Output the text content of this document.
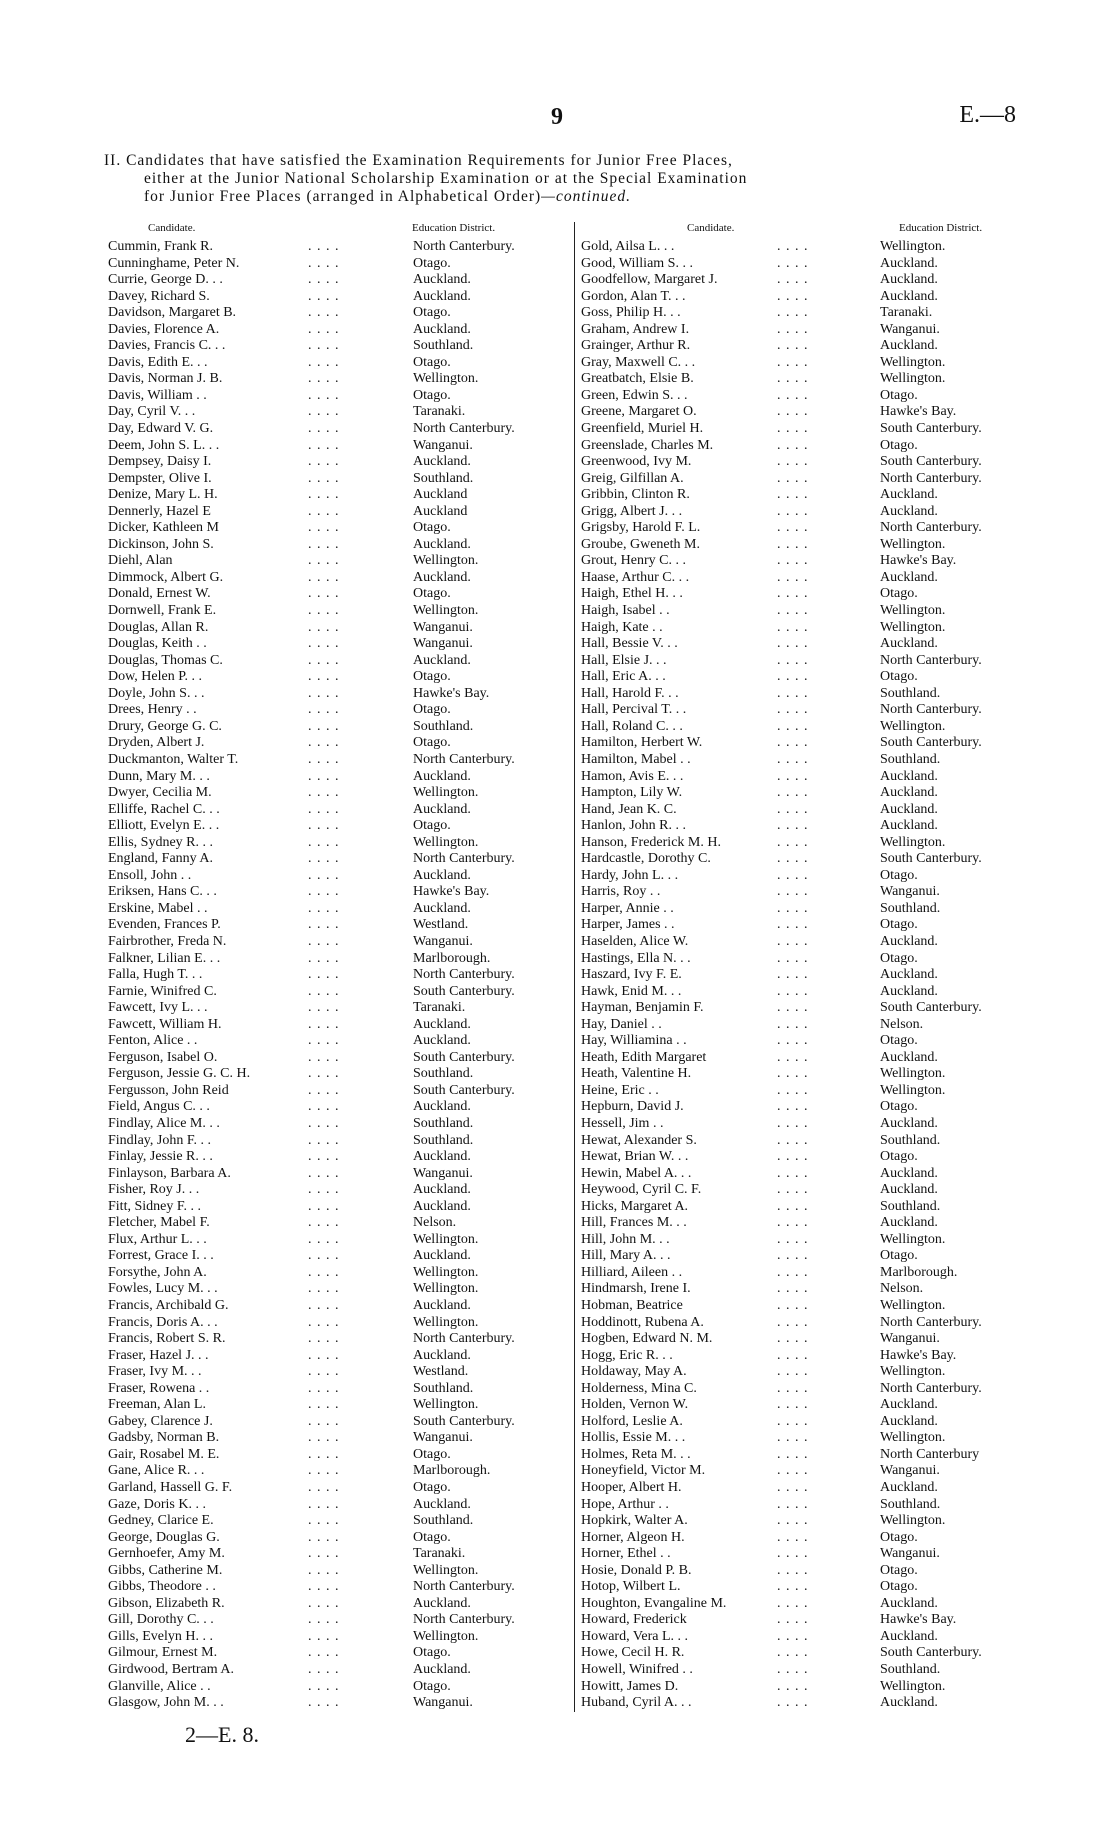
9	E.—8
II. Candidates that have satisfied the Examination Requirements for Junior Free Places,
either at the Junior National Scholarship Examination or at the Special Examination
for Junior Free Places (arranged in Alphabetical Order)—continued.
Candidate.	Education District.
Cummin, Frank R.	. . . .	North Canterbury.
Cunninghame, Peter N.	. . . .	Otago.
Currie, George D. . .	. . . .	Auckland.
Davey, Richard S.	. . . .	Auckland.
Davidson, Margaret B.	. . . .	Otago.
Davies, Florence A.	. . . .	Auckland.
Davies, Francis C. . .	. . . .	Southland.
Davis, Edith E. . .	. . . .	Otago.
Davis, Norman J. B.	. . . .	Wellington.
Davis, William . .	. . . .	Otago.
Day, Cyril V. . .	. . . .	Taranaki.
Day, Edward V. G.	. . . .	North Canterbury.
Deem, John S. L. . .	. . . .	Wanganui.
Dempsey, Daisy I.	. . . .	Auckland.
Dempster, Olive I.	. . . .	Southland.
Denize, Mary L. H.	. . . .	Auckland
Dennerly, Hazel E	. . . .	Auckland
Dicker, Kathleen M	. . . .	Otago.
Dickinson, John S.	. . . .	Auckland.
Diehl, Alan	. . . .	Wellington.
Dimmock, Albert G.	. . . .	Auckland.
Donald, Ernest W.	. . . .	Otago.
Dornwell, Frank E.	. . . .	Wellington.
Douglas, Allan R.	. . . .	Wanganui.
Douglas, Keith . .	. . . .	Wanganui.
Douglas, Thomas C.	. . . .	Auckland.
Dow, Helen P. . .	. . . .	Otago.
Doyle, John S. . .	. . . .	Hawke's Bay.
Drees, Henry . .	. . . .	Otago.
Drury, George G. C.	. . . .	Southland.
Dryden, Albert J.	. . . .	Otago.
Duckmanton, Walter T.	. . . .	North Canterbury.
Dunn, Mary M. . .	. . . .	Auckland.
Dwyer, Cecilia M.	. . . .	Wellington.
Elliffe, Rachel C. . .	. . . .	Auckland.
Elliott, Evelyn E. . .	. . . .	Otago.
Ellis, Sydney R. . .	. . . .	Wellington.
England, Fanny A.	. . . .	North Canterbury.
Ensoll, John . .	. . . .	Auckland.
Eriksen, Hans C. . .	. . . .	Hawke's Bay.
Erskine, Mabel . .	. . . .	Auckland.
Evenden, Frances P.	. . . .	Westland.
Fairbrother, Freda N.	. . . .	Wanganui.
Falkner, Lilian E. . .	. . . .	Marlborough.
Falla, Hugh T. . .	. . . .	North Canterbury.
Farnie, Winifred C.	. . . .	South Canterbury.
Fawcett, Ivy L. . .	. . . .	Taranaki.
Fawcett, William H.	. . . .	Auckland.
Fenton, Alice . .	. . . .	Auckland.
Ferguson, Isabel O.	. . . .	South Canterbury.
Ferguson, Jessie G. C. H.	. . . .	Southland.
Fergusson, John Reid	. . . .	South Canterbury.
Field, Angus C. . .	. . . .	Auckland.
Findlay, Alice M. . .	. . . .	Southland.
Findlay, John F. . .	. . . .	Southland.
Finlay, Jessie R. . .	. . . .	Auckland.
Finlayson, Barbara A.	. . . .	Wanganui.
Fisher, Roy J. . .	. . . .	Auckland.
Fitt, Sidney F. . .	. . . .	Auckland.
Fletcher, Mabel F.	. . . .	Nelson.
Flux, Arthur L. . .	. . . .	Wellington.
Forrest, Grace I. . .	. . . .	Auckland.
Forsythe, John A.	. . . .	Wellington.
Fowles, Lucy M. . .	. . . .	Wellington.
Francis, Archibald G.	. . . .	Auckland.
Francis, Doris A. . .	. . . .	Wellington.
Francis, Robert S. R.	. . . .	North Canterbury.
Fraser, Hazel J. . .	. . . .	Auckland.
Fraser, Ivy M. . .	. . . .	Westland.
Fraser, Rowena . .	. . . .	Southland.
Freeman, Alan L.	. . . .	Wellington.
Gabey, Clarence J.	. . . .	South Canterbury.
Gadsby, Norman B.	. . . .	Wanganui.
Gair, Rosabel M. E.	. . . .	Otago.
Gane, Alice R. . .	. . . .	Marlborough.
Garland, Hassell G. F.	. . . .	Otago.
Gaze, Doris K. . .	. . . .	Auckland.
Gedney, Clarice E.	. . . .	Southland.
George, Douglas G.	. . . .	Otago.
Gernhoefer, Amy M.	. . . .	Taranaki.
Gibbs, Catherine M.	. . . .	Wellington.
Gibbs, Theodore . .	. . . .	North Canterbury.
Gibson, Elizabeth R.	. . . .	Auckland.
Gill, Dorothy C. . .	. . . .	North Canterbury.
Gills, Evelyn H. . .	. . . .	Wellington.
Gilmour, Ernest M.	. . . .	Otago.
Girdwood, Bertram A.	. . . .	Auckland.
Glanville, Alice . .	. . . .	Otago.
Glasgow, John M. . .	. . . .	Wanganui.
Candidate.	Education District.
Gold, Ailsa L. . .	. . . .	Wellington.
Good, William S. . .	. . . .	Auckland.
Goodfellow, Margaret J.	. . . .	Auckland.
Gordon, Alan T. . .	. . . .	Auckland.
Goss, Philip H. . .	. . . .	Taranaki.
Graham, Andrew I.	. . . .	Wanganui.
Grainger, Arthur R.	. . . .	Auckland.
Gray, Maxwell C. . .	. . . .	Wellington.
Greatbatch, Elsie B.	. . . .	Wellington.
Green, Edwin S. . .	. . . .	Otago.
Greene, Margaret O.	. . . .	Hawke's Bay.
Greenfield, Muriel H.	. . . .	South Canterbury.
Greenslade, Charles M.	. . . .	Otago.
Greenwood, Ivy M.	. . . .	South Canterbury.
Greig, Gilfillan A.	. . . .	North Canterbury.
Gribbin, Clinton R.	. . . .	Auckland.
Grigg, Albert J. . .	. . . .	Auckland.
Grigsby, Harold F. L.	. . . .	North Canterbury.
Groube, Gweneth M.	. . . .	Wellington.
Grout, Henry C. . .	. . . .	Hawke's Bay.
Haase, Arthur C. . .	. . . .	Auckland.
Haigh, Ethel H. . .	. . . .	Otago.
Haigh, Isabel . .	. . . .	Wellington.
Haigh, Kate . .	. . . .	Wellington.
Hall, Bessie V. . .	. . . .	Auckland.
Hall, Elsie J. . .	. . . .	North Canterbury.
Hall, Eric A. . .	. . . .	Otago.
Hall, Harold F. . .	. . . .	Southland.
Hall, Percival T. . .	. . . .	North Canterbury.
Hall, Roland C. . .	. . . .	Wellington.
Hamilton, Herbert W.	. . . .	South Canterbury.
Hamilton, Mabel . .	. . . .	Southland.
Hamon, Avis E. . .	. . . .	Auckland.
Hampton, Lily W.	. . . .	Auckland.
Hand, Jean K. C.	. . . .	Auckland.
Hanlon, John R. . .	. . . .	Auckland.
Hanson, Frederick M. H.	. . . .	Wellington.
Hardcastle, Dorothy C.	. . . .	South Canterbury.
Hardy, John L. . .	. . . .	Otago.
Harris, Roy . .	. . . .	Wanganui.
Harper, Annie . .	. . . .	Southland.
Harper, James . .	. . . .	Otago.
Haselden, Alice W.	. . . .	Auckland.
Hastings, Ella N. . .	. . . .	Otago.
Haszard, Ivy F. E.	. . . .	Auckland.
Hawk, Enid M. . .	. . . .	Auckland.
Hayman, Benjamin F.	. . . .	South Canterbury.
Hay, Daniel . .	. . . .	Nelson.
Hay, Williamina . .	. . . .	Otago.
Heath, Edith Margaret	. . . .	Auckland.
Heath, Valentine H.	. . . .	Wellington.
Heine, Eric . .	. . . .	Wellington.
Hepburn, David J.	. . . .	Otago.
Hessell, Jim . .	. . . .	Auckland.
Hewat, Alexander S.	. . . .	Southland.
Hewat, Brian W. . .	. . . .	Otago.
Hewin, Mabel A. . .	. . . .	Auckland.
Heywood, Cyril C. F.	. . . .	Auckland.
Hicks, Margaret A.	. . . .	Southland.
Hill, Frances M. . .	. . . .	Auckland.
Hill, John M. . .	. . . .	Wellington.
Hill, Mary A. . .	. . . .	Otago.
Hilliard, Aileen . .	. . . .	Marlborough.
Hindmarsh, Irene I.	. . . .	Nelson.
Hobman, Beatrice	. . . .	Wellington.
Hoddinott, Rubena A.	. . . .	North Canterbury.
Hogben, Edward N. M.	. . . .	Wanganui.
Hogg, Eric R. . .	. . . .	Hawke's Bay.
Holdaway, May A.	. . . .	Wellington.
Holderness, Mina C.	. . . .	North Canterbury.
Holden, Vernon W.	. . . .	Auckland.
Holford, Leslie A.	. . . .	Auckland.
Hollis, Essie M. . .	. . . .	Wellington.
Holmes, Reta M. . .	. . . .	North Canterbury
Honeyfield, Victor M.	. . . .	Wanganui.
Hooper, Albert H.	. . . .	Auckland.
Hope, Arthur . .	. . . .	Southland.
Hopkirk, Walter A.	. . . .	Wellington.
Horner, Algeon H.	. . . .	Otago.
Horner, Ethel . .	. . . .	Wanganui.
Hosie, Donald P. B.	. . . .	Otago.
Hotop, Wilbert L.	. . . .	Otago.
Houghton, Evangaline M.	. . . .	Auckland.
Howard, Frederick	. . . .	Hawke's Bay.
Howard, Vera L. . .	. . . .	Auckland.
Howe, Cecil H. R.	. . . .	South Canterbury.
Howell, Winifred . .	. . . .	Southland.
Howitt, James D.	. . . .	Wellington.
Huband, Cyril A. . .	. . . .	Auckland.
2—E. 8.
